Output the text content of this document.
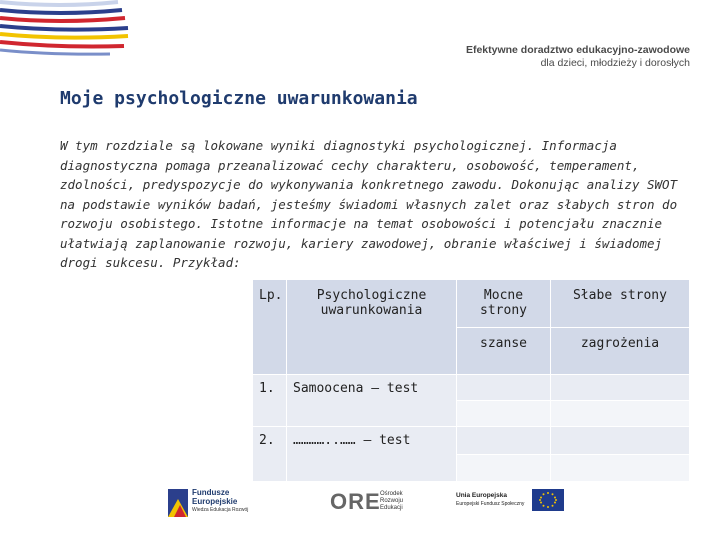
Efektywne doradztwo edukacyjno-zawodowe
dla dzieci, młodzieży i dorosłych
Moje psychologiczne uwarunkowania
W tym rozdziale są lokowane wyniki diagnostyki psychologicznej. Informacja diagnostyczna pomaga przeanalizować cechy charakteru, osobowość, temperament, zdolności, predyspozycje do wykonywania konkretnego zawodu. Dokonując analizy SWOT na podstawie wyników badań, jesteśmy świadomi własnych zalet oraz słabych stron do rozwoju osobistego. Istotne informacje na temat osobowości i potencjału znacznie ułatwiają zaplanowanie rozwoju, kariery zawodowej, obranie właściwej i świadomej drogi sukcesu. Przykład:
Lp.	Psychologiczne uwarunkowania	Mocne strony	Słabe strony
		szanse	zagrożenia
1.	Samoocena – test		

2.	…………..…… – test		

Fundusze
Europejskie
Wiedza Edukacja Rozwój	ORE Ośrodek Rozwoju Edukacji
Unia Europejska
Europejski Fundusz Społeczny
